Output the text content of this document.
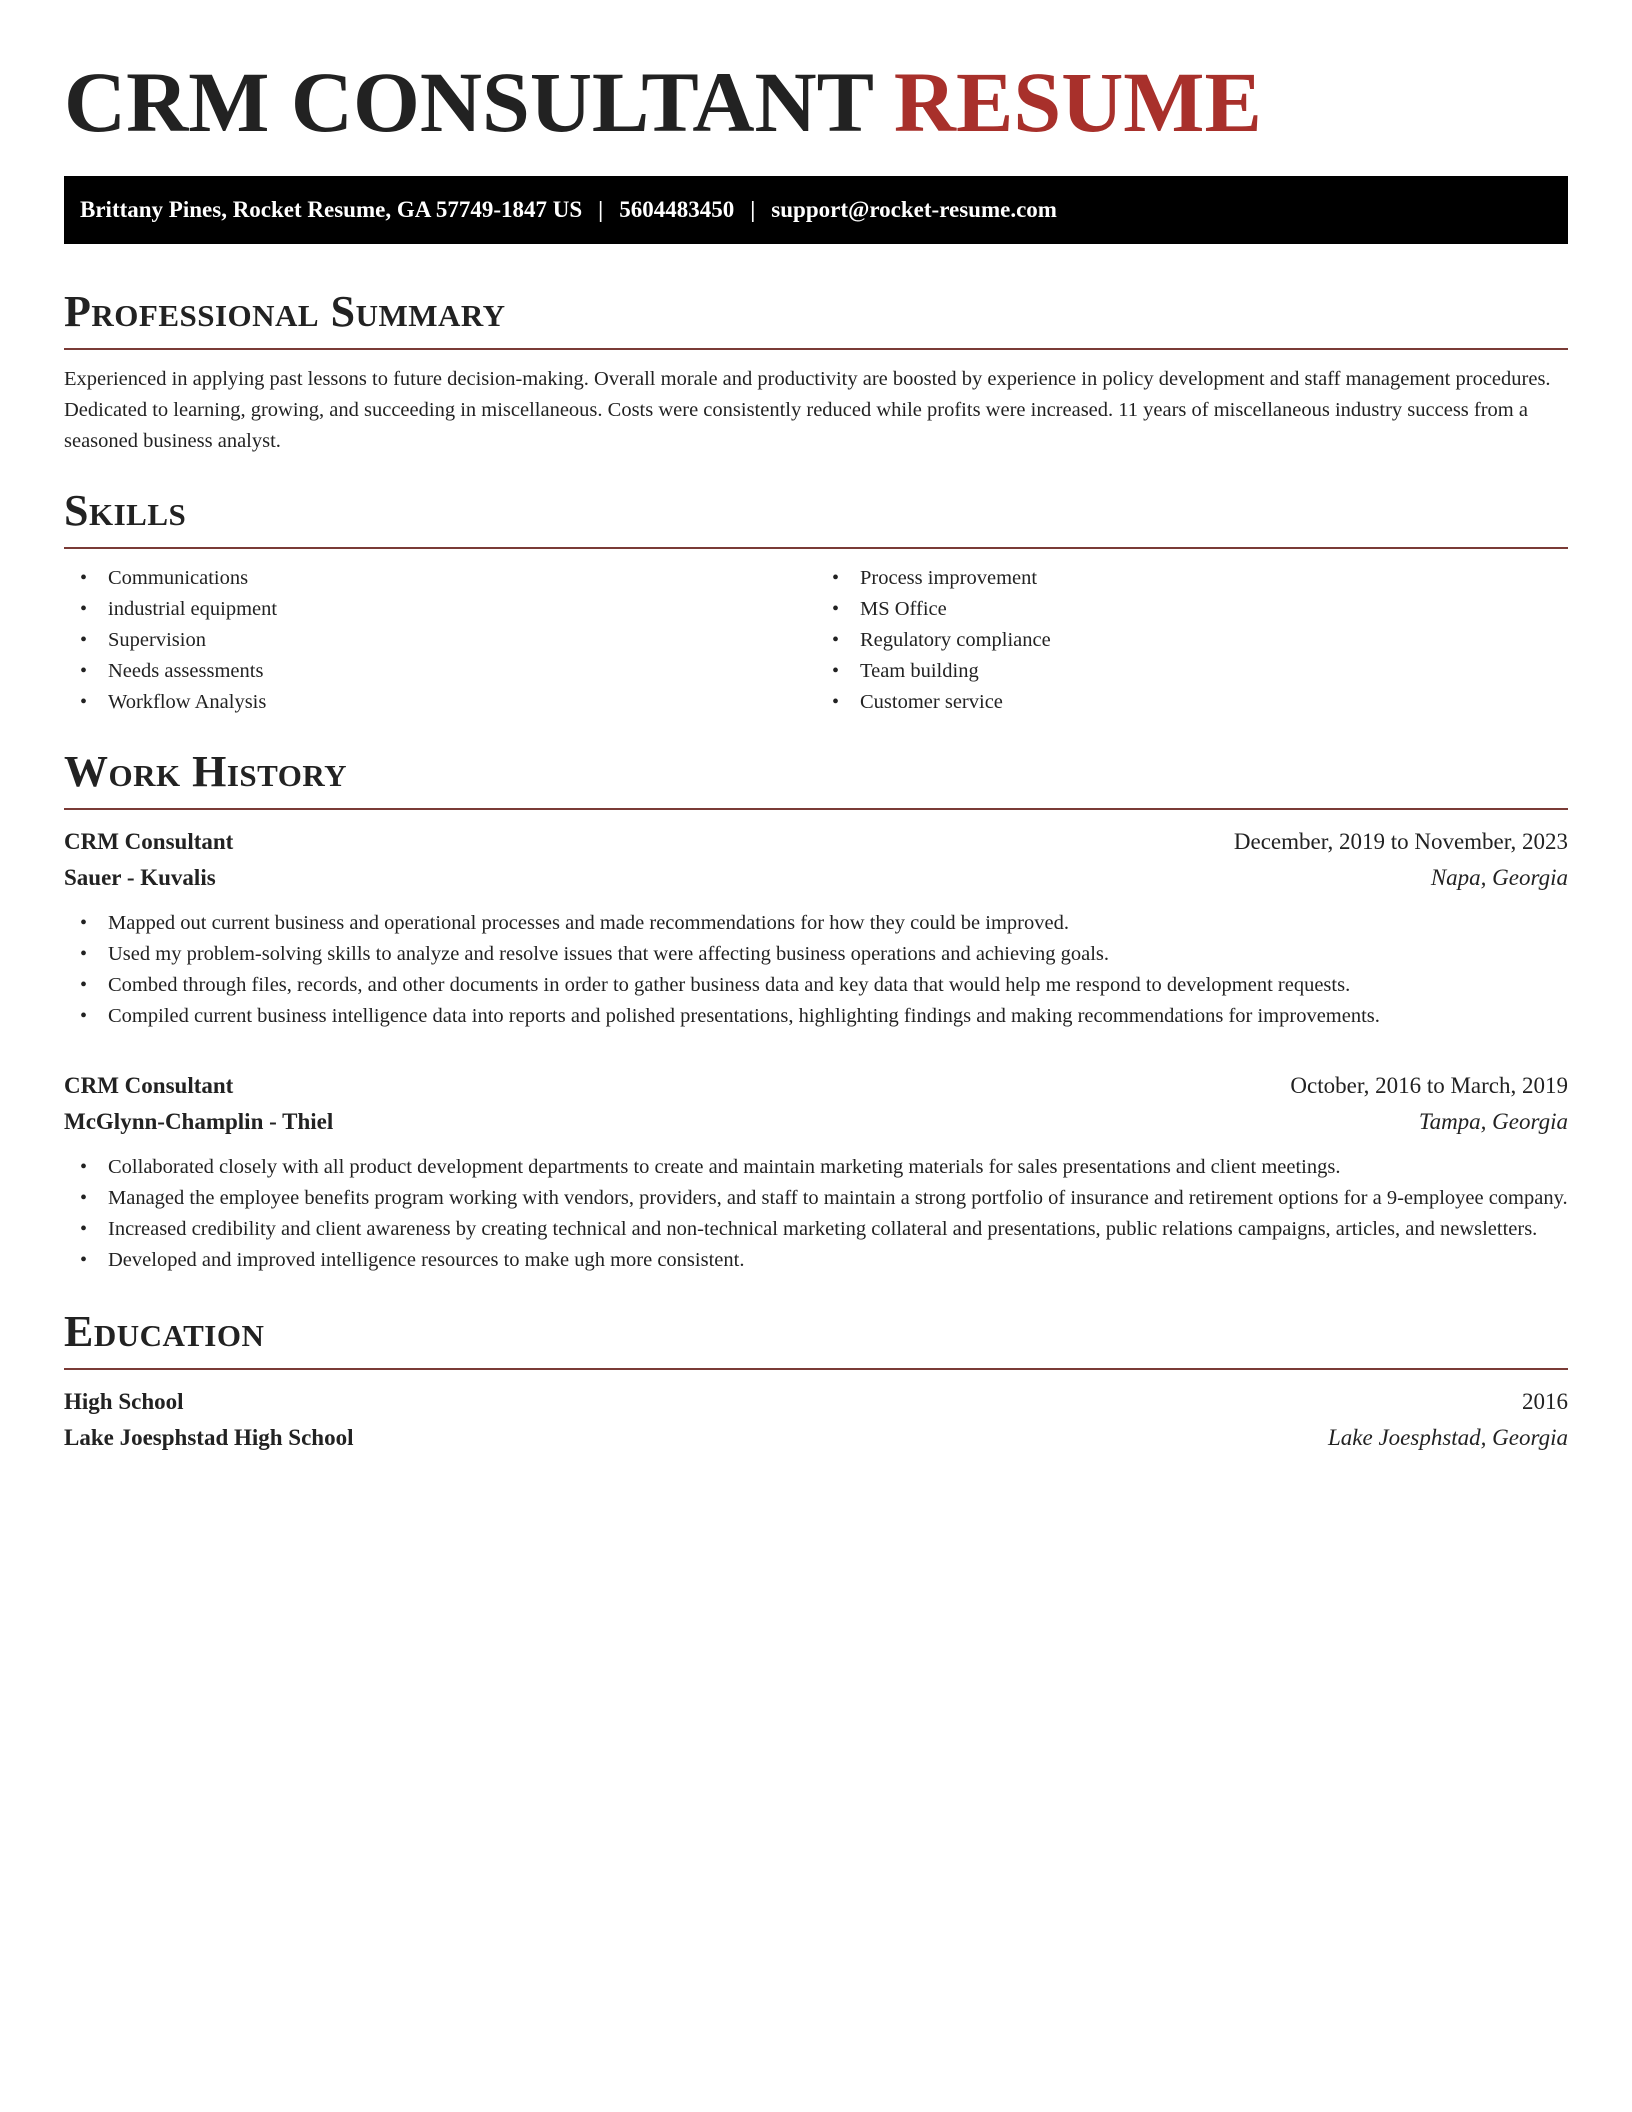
CRM CONSULTANT RESUME
Brittany Pines, Rocket Resume, GA 57749-1847 US | 5604483450 | support@rocket-resume.com
Professional Summary

Experienced in applying past lessons to future decision-making. Overall morale and productivity are boosted by experience in policy development and staff management procedures. Dedicated to learning, growing, and succeeding in miscellaneous. Costs were consistently reduced while profits were increased. 11 years of miscellaneous industry success from a seasoned business analyst.

Skills
• Communications
• industrial equipment
• Supervision
• Needs assessments
• Workflow Analysis
• Process improvement
• MS Office
• Regulatory compliance
• Team building
• Customer service
Work History
CRM Consultant	December, 2019 to November, 2023
Sauer - Kuvalis	Napa, Georgia
• Mapped out current business and operational processes and made recommendations for how they could be improved.
• Used my problem-solving skills to analyze and resolve issues that were affecting business operations and achieving goals.
• Combed through files, records, and other documents in order to gather business data and key data that would help me respond to development requests.
• Compiled current business intelligence data into reports and polished presentations, highlighting findings and making recommendations for improvements.
CRM Consultant	October, 2016 to March, 2019
McGlynn-Champlin - Thiel	Tampa, Georgia
• Collaborated closely with all product development departments to create and maintain marketing materials for sales presentations and client meetings.
• Managed the employee benefits program working with vendors, providers, and staff to maintain a strong portfolio of insurance and retirement options for a 9-employee company.
• Increased credibility and client awareness by creating technical and non-technical marketing collateral and presentations, public relations campaigns, articles, and newsletters.
• Developed and improved intelligence resources to make ugh more consistent.
Education
High School	2016
Lake Joesphstad High School	Lake Joesphstad, Georgia
